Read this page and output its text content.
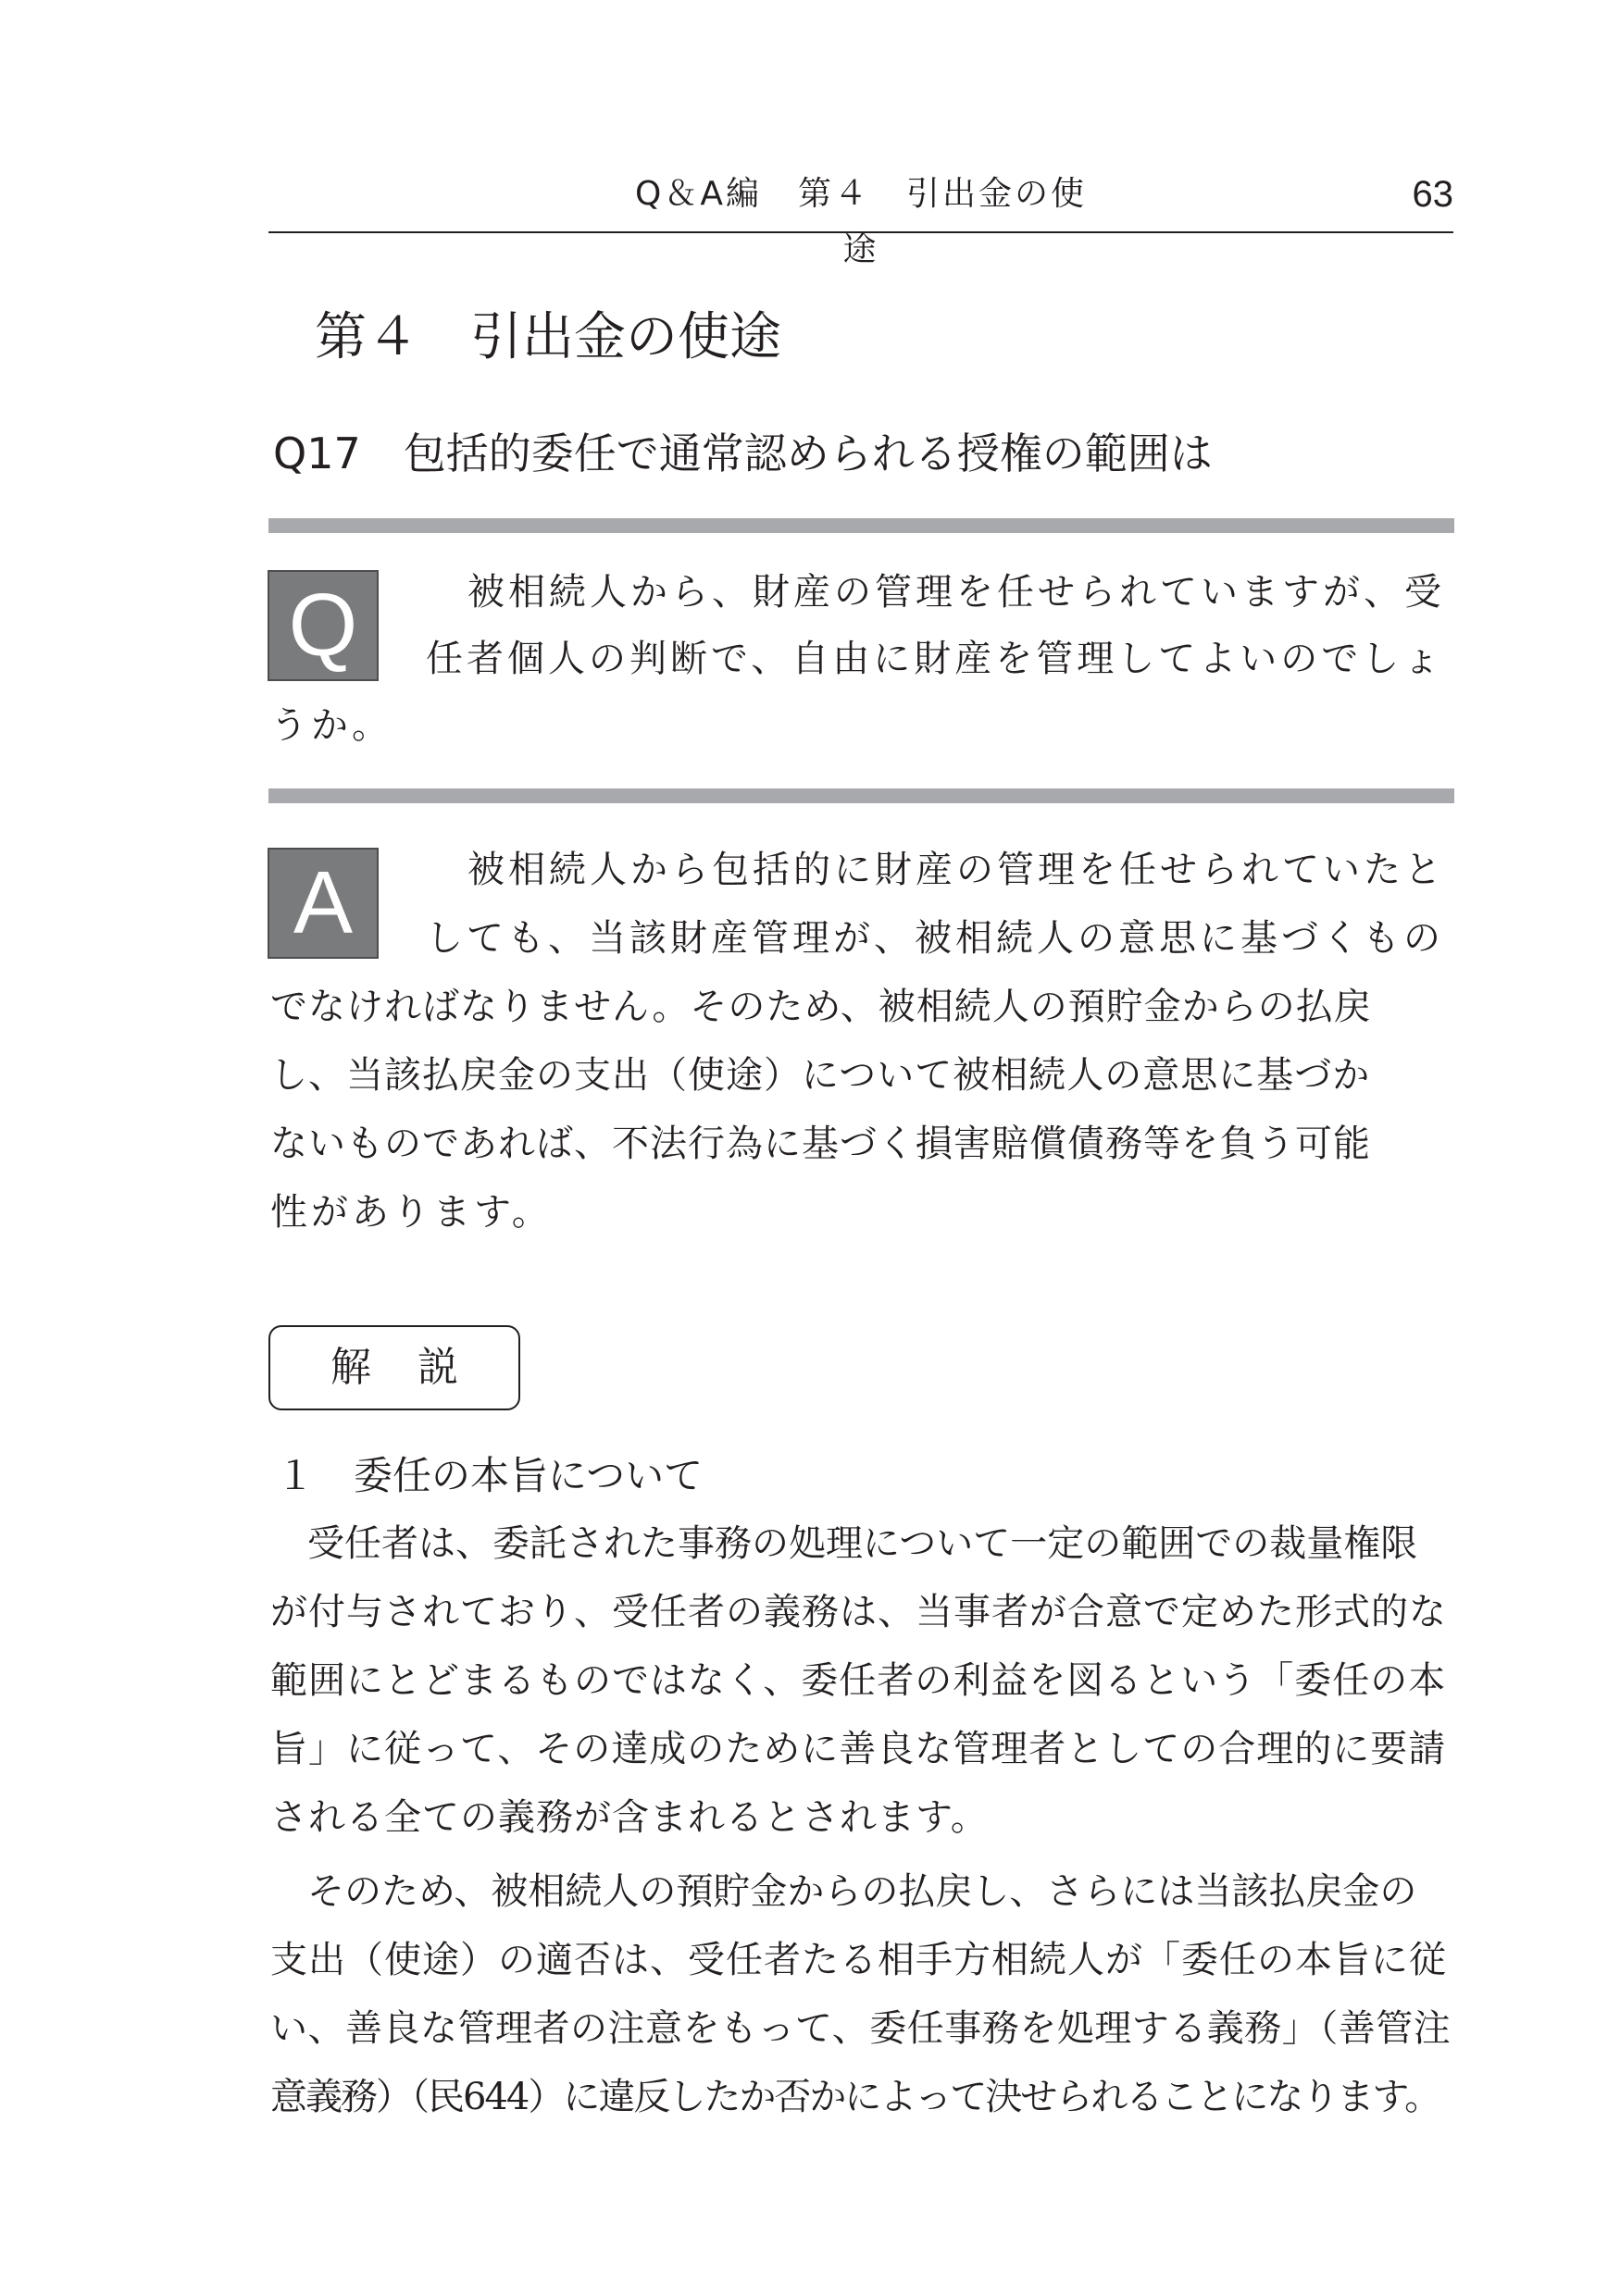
Q＆A編　第４　引出金の使途
63
第４　引出金の使途
Q17　包括的委任で通常認められる授権の範囲は
Q	被相続人から、財産の管理を任せられていますが、受
任者個人の判断で、自由に財産を管理してよいのでしょ
うか。
A	被相続人から包括的に財産の管理を任せられていたと
しても、当該財産管理が、被相続人の意思に基づくもの
でなければなりません。そのため、被相続人の預貯金からの払戻
し、当該払戻金の支出（使途）について被相続人の意思に基づか
ないものであれば、不法行為に基づく損害賠償債務等を負う可能
性があります。
解説
１　委任の本旨について
受任者は、委託された事務の処理について一定の範囲での裁量権限
が付与されており、受任者の義務は、当事者が合意で定めた形式的な
範囲にとどまるものではなく、委任者の利益を図るという「委任の本
旨」に従って、その達成のために善良な管理者としての合理的に要請
される全ての義務が含まれるとされます。
そのため、被相続人の預貯金からの払戻し、さらには当該払戻金の
支出（使途）の適否は、受任者たる相手方相続人が「委任の本旨に従
い、善良な管理者の注意をもって、委任事務を処理する義務」（善管注
意義務）（民644）に違反したか否かによって決せられることになります。
